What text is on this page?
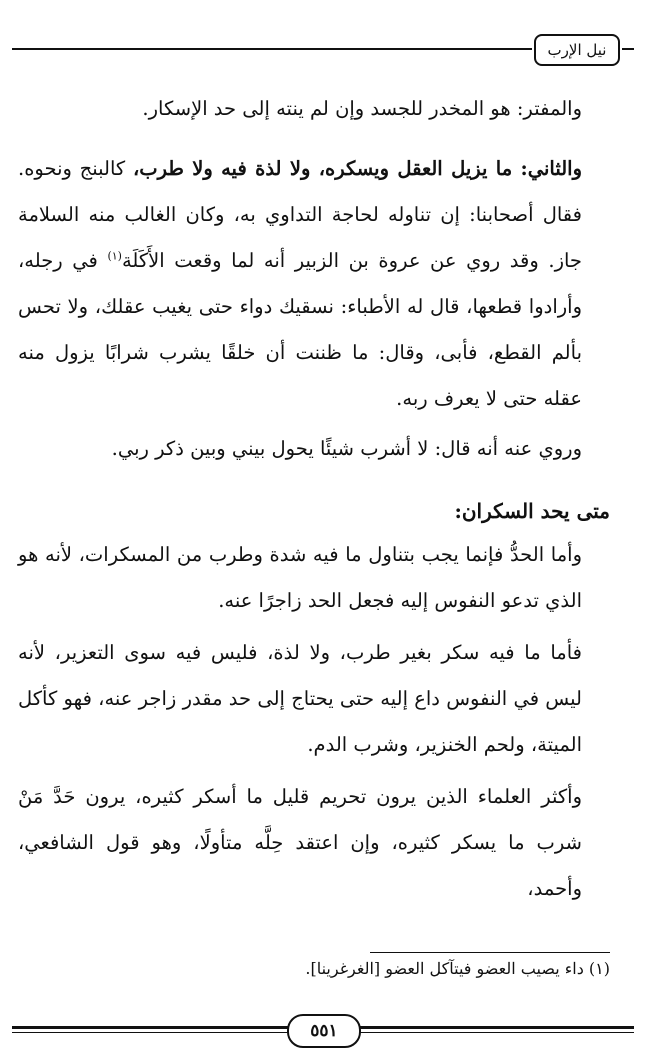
نيل الإرب

والمفتر: هو المخدر للجسد وإن لم ينته إلى حد الإسكار.

والثاني: ما يزيل العقل ويسكره، ولا لذة فيه ولا طرب، كالبنج ونحوه. فقال أصحابنا: إن تناوله لحاجة التداوي به، وكان الغالب منه السلامة جاز. وقد روي عن عروة بن الزبير أنه لما وقعت الأَكَلَة$^{(١)}$ في رجله، وأرادوا قطعها، قال له الأطباء: نسقيك دواء حتى يغيب عقلك، ولا تحس بألم القطع، فأبى، وقال: ما ظننت أن خلقًا يشرب شرابًا يزول منه عقله حتى لا يعرف ربه.

وروي عنه أنه قال: لا أشرب شيئًا يحول بيني وبين ذكر ربي.

متى يحد السكران:

وأما الحدُّ فإنما يجب بتناول ما فيه شدة وطرب من المسكرات، لأنه هو الذي تدعو النفوس إليه فجعل الحد زاجرًا عنه.

فأما ما فيه سكر بغير طرب، ولا لذة، فليس فيه سوى التعزير، لأنه ليس في النفوس داع إليه حتى يحتاج إلى حد مقدر زاجر عنه، فهو كأكل الميتة، ولحم الخنزير، وشرب الدم.

وأكثر العلماء الذين يرون تحريم قليل ما أسكر كثيره، يرون حَدَّ مَنْ شرب ما يسكر كثيره، وإن اعتقد حِلَّه متأولًا، وهو قول الشافعي، وأحمد،

(١) داء يصيب العضو فيتآكل العضو [الغرغرينا].
٥٥١
